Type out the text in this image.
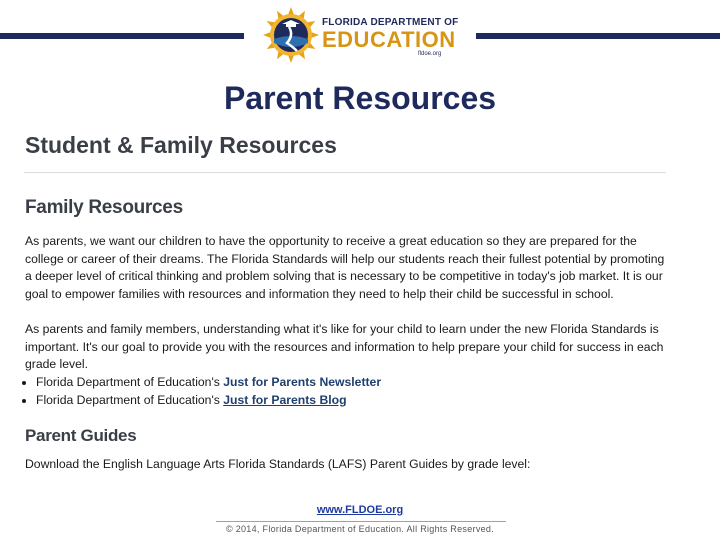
FLORIDA DEPARTMENT OF
EDUCATION
fldoe.org
Parent Resources
Student & Family Resources
Family Resources

As parents, we want our children to have the opportunity to receive a great education so they are prepared for the college or career of their dreams. The Florida Standards will help our students reach their fullest potential by promoting a deeper level of critical thinking and problem solving that is necessary to be competitive in today's job market. It is our goal to empower families with resources and information they need to help their child be successful in school.

As parents and family members, understanding what it's like for your child to learn under the new Florida Standards is important. It's our goal to provide you with the resources and information to help prepare your child for success in each grade level.

• Florida Department of Education's Just for Parents Newsletter
• Florida Department of Education's Just for Parents Blog
Parent Guides

Download the English Language Arts Florida Standards (LAFS) Parent Guides by grade level:

www.FLDOE.org
© 2014, Florida Department of Education. All Rights Reserved.
